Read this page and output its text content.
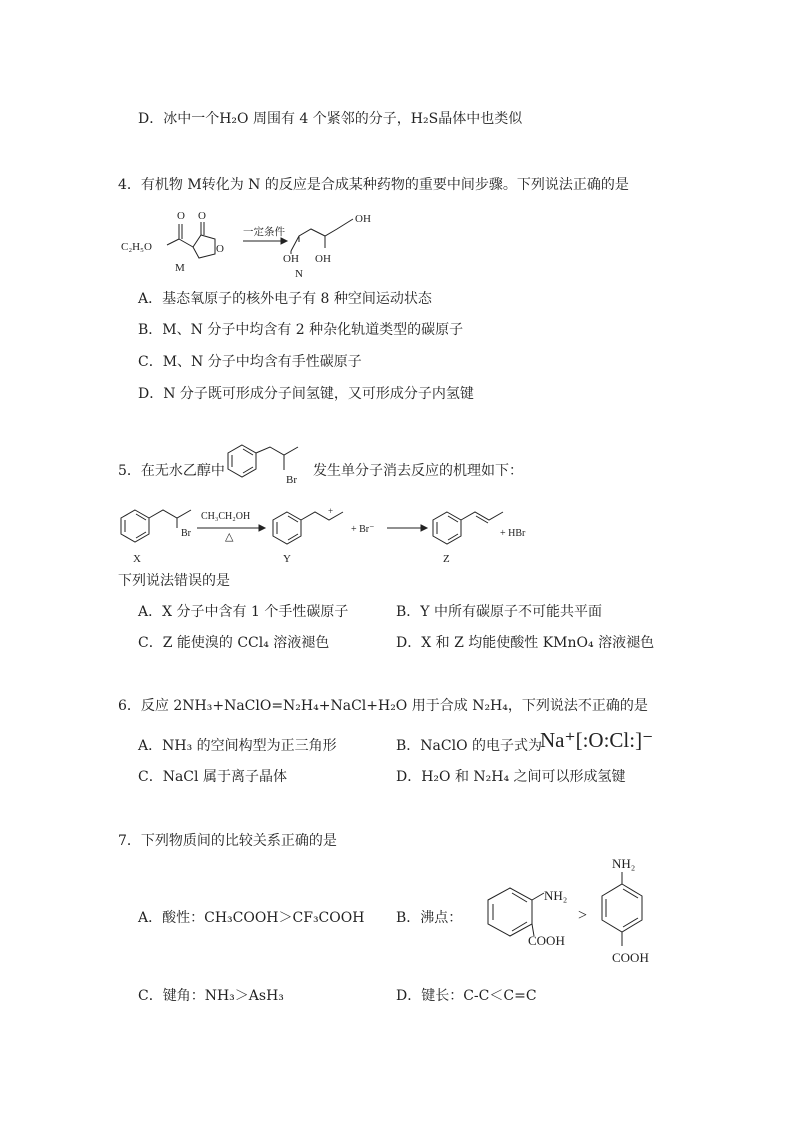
D．冰中一个H₂O 周围有 4 个紧邻的分子，H₂S晶体中也类似
4．有机物 M转化为 N 的反应是合成某种药物的重要中间步骤。下列说法正确的是
O O
O
C₂H₅O
M
一定条件
OH
OH OH
N
A．基态氧原子的核外电子有 8 种空间运动状态
B．M、N 分子中均含有 2 种杂化轨道类型的碳原子
C．M、N 分子中均含有手性碳原子
D．N 分子既可形成分子间氢键，又可形成分子内氢键
5．在无水乙醇中
Br
发生单分子消去反应的机理如下：
Br
CH₃CH₂OH
△
+
+ Br⁻	+ HBr
X	Y	Z
下列说法错误的是
A．X 分子中含有 1 个手性碳原子	B．Y 中所有碳原子不可能共平面
C．Z 能使溴的 CCl₄ 溶液褪色	D．X 和 Z 均能使酸性 KMnO₄ 溶液褪色
6．反应 2NH₃+NaClO=N₂H₄+NaCl+H₂O 用于合成 N₂H₄，下列说法不正确的是
A．NH₃ 的空间构型为正三角形	B．NaClO 的电子式为
Na⁺[:O:Cl:]⁻
C．NaCl 属于离子晶体	D．H₂O 和 N₂H₄ 之间可以形成氢键
7．下列物质间的比较关系正确的是
A．酸性：CH₃COOH＞CF₃COOH B．沸点：
NH₂
COOH
>
NH₂
COOH
C．键角：NH₃＞AsH₃	D．键长：C-C＜C=C
